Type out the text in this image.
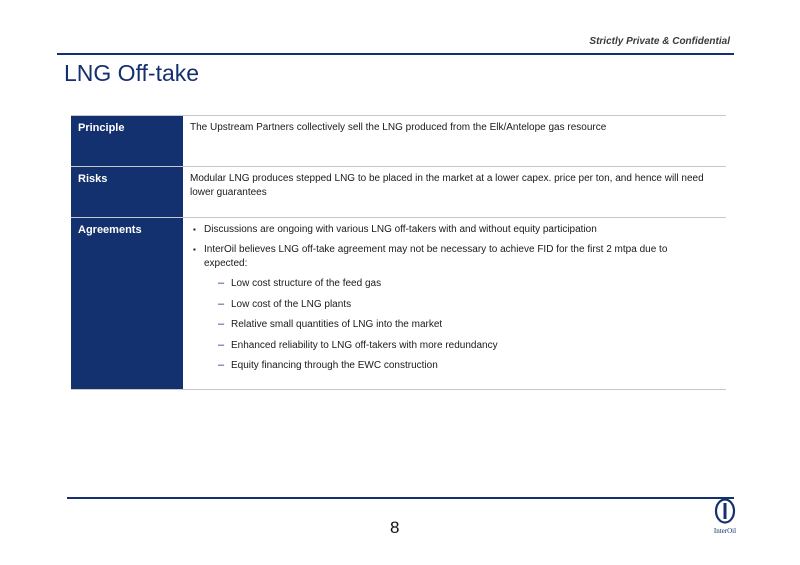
Strictly Private & Confidential
LNG Off-take
Principle	The Upstream Partners collectively sell the LNG produced from the Elk/Antelope gas resource
Risks	Modular LNG produces stepped LNG to be placed in the market at a lower capex. price per ton, and hence will need lower guarantees
Agreements	▪ Discussions are ongoing with various LNG off-takers with and without equity participation
▪ InterOil believes LNG off-take agreement may not be necessary to achieve FID for the first 2 mtpa due to expected:
– Low cost structure of the feed gas
– Low cost of the LNG plants
– Relative small quantities of LNG into the market
– Enhanced reliability to LNG off-takers with more redundancy
– Equity financing through the EWC construction
8	InterOil
